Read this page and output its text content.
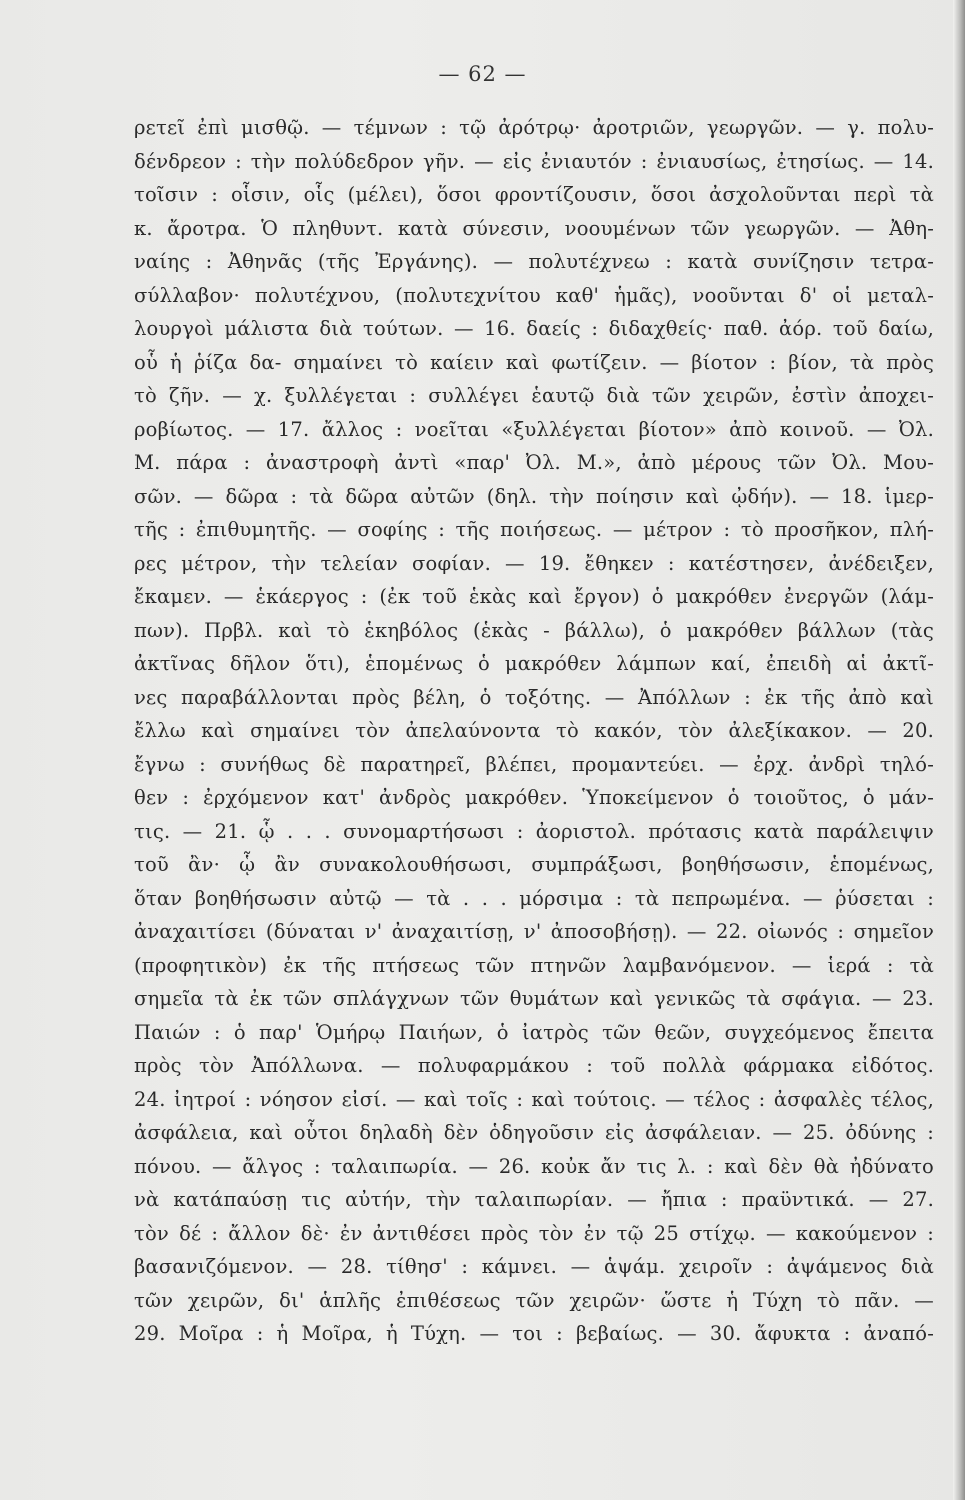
— 62 —
ρετεῖ ἐπὶ μισθῷ. — τέμνων : τῷ ἀρότρῳ· ἀροτριῶν, γεωργῶν. — γ. πολυ-
δένδρεον : τὴν πολύδεδρον γῆν. — εἰς ἐνιαυτόν : ἐνιαυσίως, ἐτησίως. — 14.
τοῖσιν : οἷσιν, οἷς (μέλει), ὅσοι φροντίζουσιν, ὅσοι ἀσχολοῦνται περὶ τὰ
κ. ἄροτρα. Ὁ πληθυντ. κατὰ σύνεσιν, νοουμένων τῶν γεωργῶν. — Ἀθη-
ναίης : Ἀθηνᾶς (τῆς Ἐργάνης). — πολυτέχνεω : κατὰ συνίζησιν τετρα-
σύλλαβον· πολυτέχνου, (πολυτεχνίτου καθ' ἡμᾶς), νοοῦνται δ' οἱ μεταλ-
λουργοὶ μάλιστα διὰ τούτων. — 16. δαείς : διδαχθείς· παθ. ἀόρ. τοῦ δαίω,
οὗ ἡ ῥίζα δα- σημαίνει τὸ καίειν καὶ φωτίζειν. — βίοτον : βίον, τὰ πρὸς
τὸ ζῆν. — χ. ξυλλέγεται : συλλέγει ἑαυτῷ διὰ τῶν χειρῶν, ἐστὶν ἀποχει-
ροβίωτος. — 17. ἄλλος : νοεῖται «ξυλλέγεται βίοτον» ἀπὸ κοινοῦ. — Ὀλ.
Μ. πάρα : ἀναστροφὴ ἀντὶ «παρ' Ὀλ. Μ.», ἀπὸ μέρους τῶν Ὀλ. Μου-
σῶν. — δῶρα : τὰ δῶρα αὐτῶν (δηλ. τὴν ποίησιν καὶ ᾠδήν). — 18. ἱμερ-
τῆς : ἐπιθυμητῆς. — σοφίης : τῆς ποιήσεως. — μέτρον : τὸ προσῆκον, πλή-
ρες μέτρον, τὴν τελείαν σοφίαν. — 19. ἔθηκεν : κατέστησεν, ἀνέδειξεν,
ἔκαμεν. — ἑκάεργος : (ἐκ τοῦ ἑκὰς καὶ ἔργον) ὁ μακρόθεν ἐνεργῶν (λάμ-
πων). Πρβλ. καὶ τὸ ἑκηβόλος (ἑκὰς - βάλλω), ὁ μακρόθεν βάλλων (τὰς
ἀκτῖνας δῆλον ὅτι), ἑπομένως ὁ μακρόθεν λάμπων καί, ἐπειδὴ αἱ ἀκτῖ-
νες παραβάλλονται πρὸς βέλη, ὁ τοξότης. — Ἀπόλλων : ἐκ τῆς ἀπὸ καὶ
ἔλλω καὶ σημαίνει τὸν ἀπελαύνοντα τὸ κακόν, τὸν ἀλεξίκακον. — 20.
ἔγνω : συνήθως δὲ παρατηρεῖ, βλέπει, προμαντεύει. — ἐρχ. ἀνδρὶ τηλό-
θεν : ἐρχόμενον κατ' ἀνδρὸς μακρόθεν. Ὑποκείμενον ὁ τοιοῦτος, ὁ μάν-
τις. — 21. ᾧ . . . συνομαρτήσωσι : ἀοριστολ. πρότασις κατὰ παράλειψιν
τοῦ ἂν· ᾧ ἂν συνακολουθήσωσι, συμπράξωσι, βοηθήσωσιν, ἑπομένως,
ὅταν βοηθήσωσιν αὐτῷ — τὰ . . . μόρσιμα : τὰ πεπρωμένα. — ῥύσεται :
ἀναχαιτίσει (δύναται ν' ἀναχαιτίσῃ, ν' ἀποσοβήσῃ). — 22. οἰωνός : σημεῖον
(προφητικὸν) ἐκ τῆς πτήσεως τῶν πτηνῶν λαμβανόμενον. — ἱερά : τὰ
σημεῖα τὰ ἐκ τῶν σπλάγχνων τῶν θυμάτων καὶ γενικῶς τὰ σφάγια. — 23.
Παιών : ὁ παρ' Ὁμήρῳ Παιήων, ὁ ἰατρὸς τῶν θεῶν, συγχεόμενος ἔπειτα
πρὸς τὸν Ἀπόλλωνα. — πολυφαρμάκου : τοῦ πολλὰ φάρμακα εἰδότος.
24. ἰητροί : νόησον εἰσί. — καὶ τοῖς : καὶ τούτοις. — τέλος : ἀσφαλὲς τέλος,
ἀσφάλεια, καὶ οὗτοι δηλαδὴ δὲν ὁδηγοῦσιν εἰς ἀσφάλειαν. — 25. ὀδύνης :
πόνου. — ἄλγος : ταλαιπωρία. — 26. κοὐκ ἄν τις λ. : καὶ δὲν θὰ ἠδύνατο
νὰ κατάπαύσῃ τις αὐτήν, τὴν ταλαιπωρίαν. — ἤπια : πραϋντικά. — 27.
τὸν δέ : ἄλλον δὲ· ἐν ἀντιθέσει πρὸς τὸν ἐν τῷ 25 στίχῳ. — κακούμενον :
βασανιζόμενον. — 28. τίθησ' : κάμνει. — ἁψάμ. χειροῖν : ἀψάμενος διὰ
τῶν χειρῶν, δι' ἁπλῆς ἐπιθέσεως τῶν χειρῶν· ὥστε ἡ Τύχη τὸ πᾶν. —
29. Μοῖρα : ἡ Μοῖρα, ἡ Τύχη. — τοι : βεβαίως. — 30. ἄφυκτα : ἀναπό-
